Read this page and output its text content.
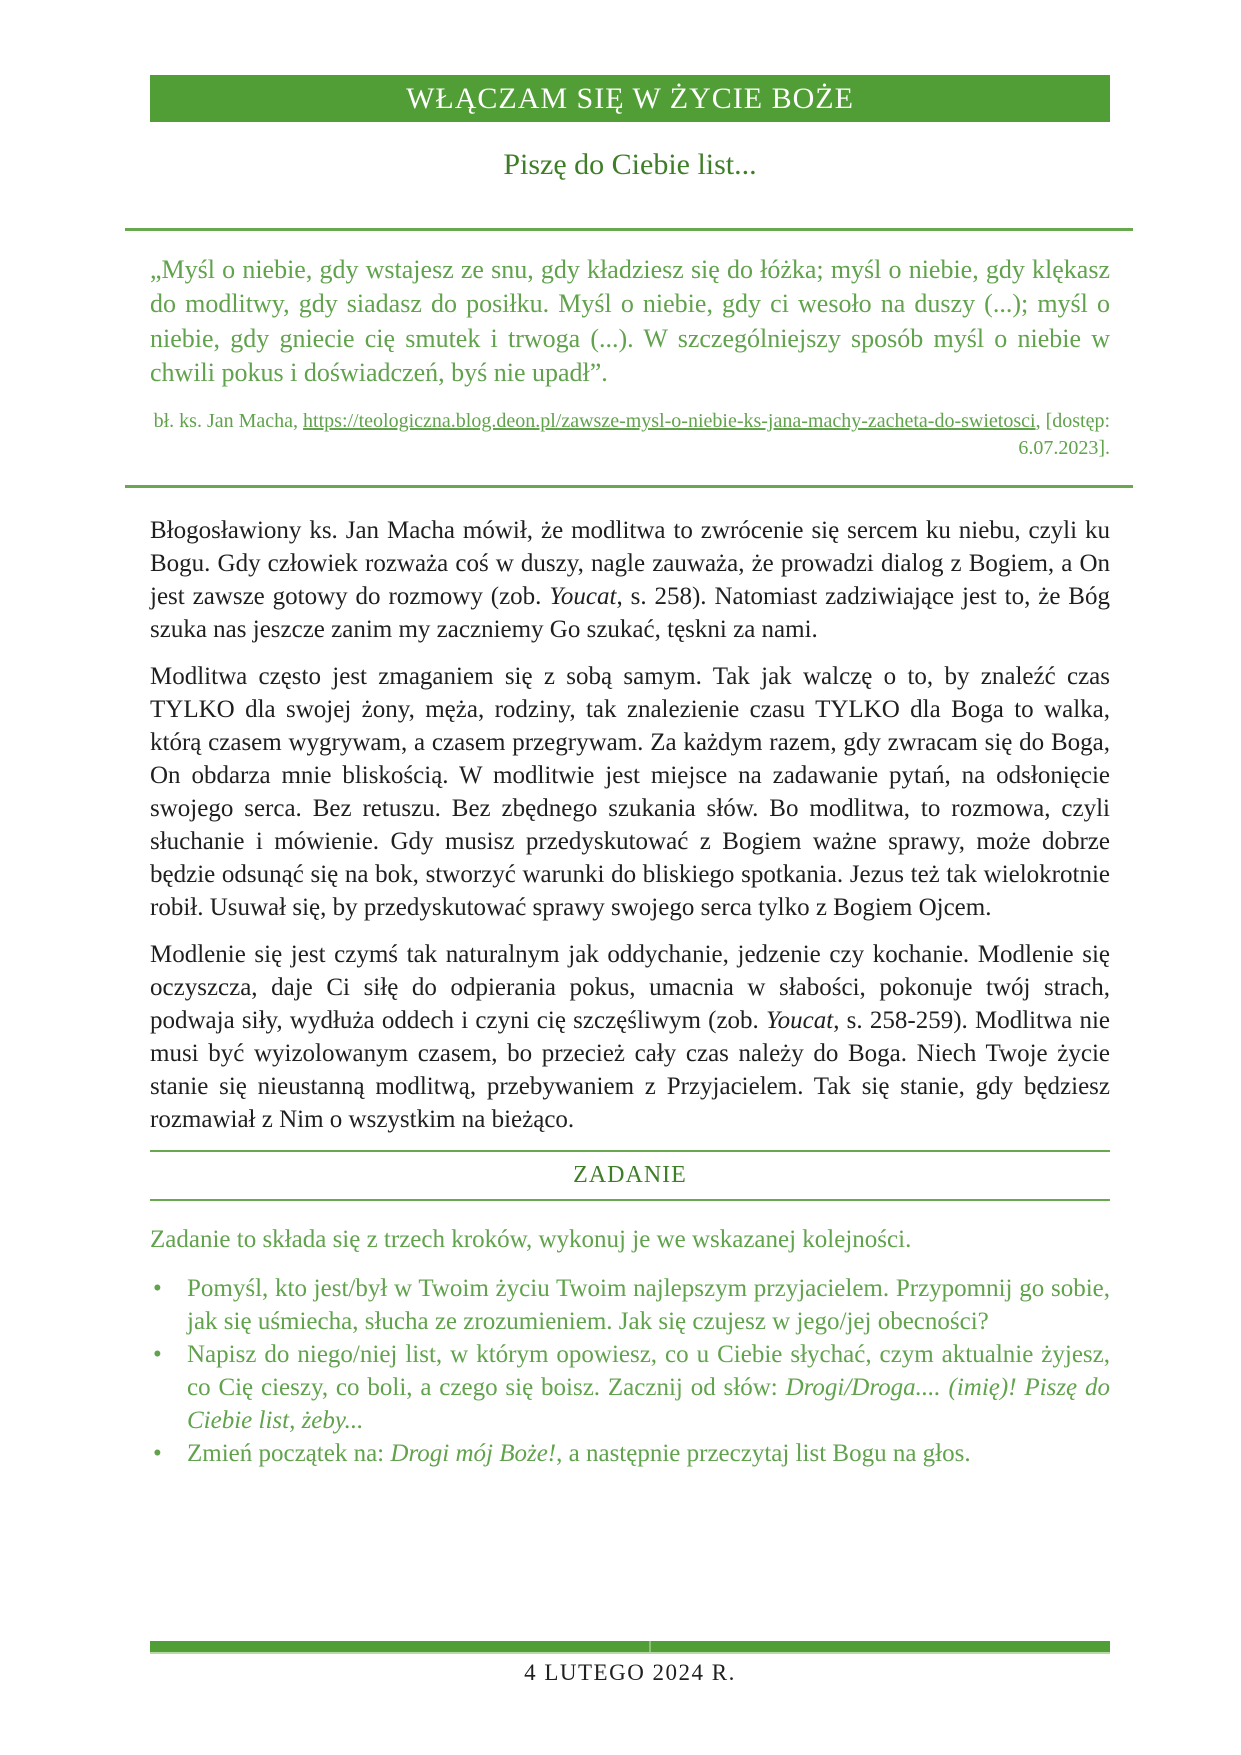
WŁĄCZAM SIĘ W ŻYCIE BOŻE
Piszę do Ciebie list...

„Myśl o niebie, gdy wstajesz ze snu, gdy kładziesz się do łóżka; myśl o niebie, gdy klękasz do modlitwy, gdy siadasz do posiłku. Myśl o niebie, gdy ci wesoło na duszy (...); myśl o niebie, gdy gniecie cię smutek i trwoga (...). W szczególniejszy sposób myśl o niebie w chwili pokus i doświadczeń, byś nie upadł”.

bł. ks. Jan Macha, https://teologiczna.blog.deon.pl/zawsze-mysl-o-niebie-ks-jana-machy-zacheta-do-swietosci, [dostęp: 6.07.2023].

Błogosławiony ks. Jan Macha mówił, że modlitwa to zwrócenie się sercem ku niebu, czyli ku Bogu. Gdy człowiek rozważa coś w duszy, nagle zauważa, że prowadzi dialog z Bogiem, a On jest zawsze gotowy do rozmowy (zob. Youcat, s. 258). Natomiast zadziwiające jest to, że Bóg szuka nas jeszcze zanim my zaczniemy Go szukać, tęskni za nami.

Modlitwa często jest zmaganiem się z sobą samym. Tak jak walczę o to, by znaleźć czas TYLKO dla swojej żony, męża, rodziny, tak znalezienie czasu TYLKO dla Boga to walka, którą czasem wygrywam, a czasem przegrywam. Za każdym razem, gdy zwracam się do Boga, On obdarza mnie bliskością. W modlitwie jest miejsce na zadawanie pytań, na odsłonięcie swojego serca. Bez retuszu. Bez zbędnego szukania słów. Bo modlitwa, to rozmowa, czyli słuchanie i mówienie. Gdy musisz przedyskutować z Bogiem ważne sprawy, może dobrze będzie odsunąć się na bok, stworzyć warunki do bliskiego spotkania. Jezus też tak wielokrotnie robił. Usuwał się, by przedyskutować sprawy swojego serca tylko z Bogiem Ojcem.

Modlenie się jest czymś tak naturalnym jak oddychanie, jedzenie czy kochanie. Modlenie się oczyszcza, daje Ci siłę do odpierania pokus, umacnia w słabości, pokonuje twój strach, podwaja siły, wydłuża oddech i czyni cię szczęśliwym (zob. Youcat, s. 258-259). Modlitwa nie musi być wyizolowanym czasem, bo przecież cały czas należy do Boga. Niech Twoje życie stanie się nieustanną modlitwą, przebywaniem z Przyjacielem. Tak się stanie, gdy będziesz rozmawiał z Nim o wszystkim na bieżąco.

ZADANIE

Zadanie to składa się z trzech kroków, wykonuj je we wskazanej kolejności.

• Pomyśl, kto jest/był w Twoim życiu Twoim najlepszym przyjacielem. Przypomnij go sobie, jak się uśmiecha, słucha ze zrozumieniem. Jak się czujesz w jego/jej obecności?
• Napisz do niego/niej list, w którym opowiesz, co u Ciebie słychać, czym aktualnie żyjesz, co Cię cieszy, co boli, a czego się boisz. Zacznij od słów: Drogi/Droga.... (imię)! Piszę do Ciebie list, żeby...
• Zmień początek na: Drogi mój Boże!, a następnie przeczytaj list Bogu na głos.
4 LUTEGO 2024 R.
